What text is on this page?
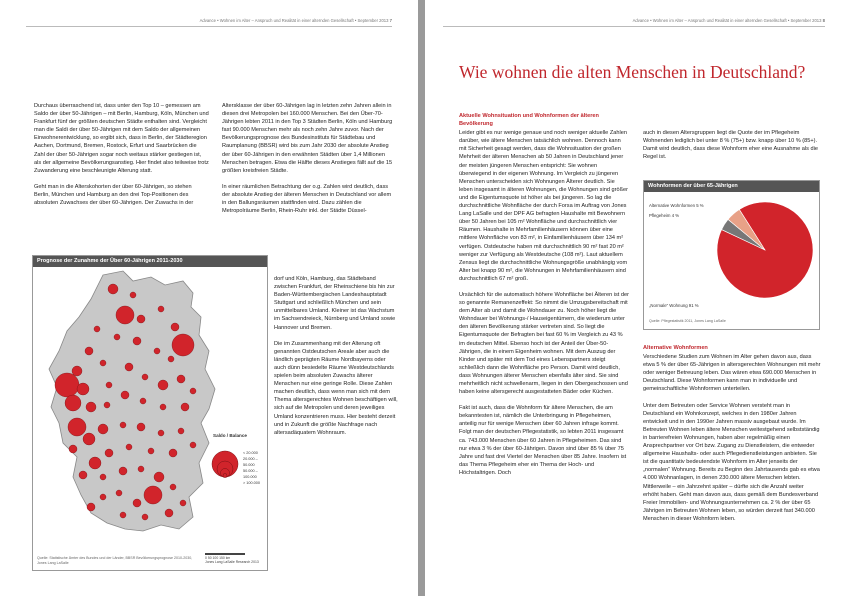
Advance • Wohnen im Alter – Anspruch und Realität in einer alternden Gesellschaft • September 2013 7

Durchaus überraschend ist, dass unter den Top 10 – gemessen am Saldo der über 50-Jährigen – mit Berlin, Hamburg, Köln, München und Frankfurt fünf der größten deutschen Städte enthalten sind. Vergleicht man die Saldi der über 50-Jährigen mit dem Saldo der allgemeinen Einwohnerentwicklung, so ergibt sich, dass in Berlin, der Städteregion Aachen, Dortmund, Bremen, Rostock, Erfurt und Saarbrücken die Zahl der über 50-Jährigen sogar noch weitaus stärker gestiegen ist, als der allgemeine Bevölkerungsanstieg. Hier findet also teilweise trotz Zuwanderung eine beschleunigte Alterung statt.

Geht man in die Alterskohorten der über 60-Jährigen, so stehen Berlin, München und Hamburg an den drei Top-Positionen des absoluten Zuwachses der über 60-Jährigen. Der Zuwachs in der

Altersklasse der über 60-Jährigen lag in letzten zehn Jahren allein in diesen drei Metropolen bei 160.000 Menschen. Bei den Über-70-Jährigen lebten 2011 in den Top 3 Städten Berlin, Köln und Hamburg fast 90.000 Menschen mehr als noch zehn Jahre zuvor. Nach der Bevölkerungsprognose des Bundesinstituts für Städtebau und Raumplanung (BBSR) wird bis zum Jahr 2030 der absolute Anstieg der über 60-Jährigen in den erwähnten Städten über 1,4 Millionen Menschen betragen. Etwa die Hälfte dieses Anstieges fällt auf die 15 größten kreisfreien Städte.

In einer räumlichen Betrachtung der o.g. Zahlen wird deutlich, dass der absolute Anstieg der älteren Menschen in Deutschland vor allem in den Ballungsräumen stattfinden wird. Dazu zählen die Metropolräume Berlin, Rhein-Ruhr inkl. der Städte Düssel-

dorf und Köln, Hamburg, das Städteband zwischen Frankfurt, der Rheinschiene bis hin zur Baden-Württembergischen Landeshauptstadt Stuttgart und schließlich München und sein unmittelbares Umland. Kleiner ist das Wachstum im Sachsendreieck, Nürnberg und Umland sowie Hannover und Bremen.

Die im Zusammenhang mit der Alterung oft genannten Ostdeutschen Areale aber auch die ländlich geprägten Räume Nordbayerns oder auch dünn besiedelte Räume Westdeutschlands spielen beim absoluten Zuwachs älterer Menschen nur eine geringe Rolle. Diese Zahlen machen deutlich, dass wenn man sich mit dem Thema altersgerechtes Wohnen beschäftigen will, sich auf die Metropolen und deren jeweiliges Umland konzentrieren muss. Hier besteht derzeit und in Zukunft die größte Nachfrage nach altersadäquatem Wohnraum.

Prognose der Zunahme der Über 60-Jährigen 2011-2030
Saldo / Balance
< 20.000
20.000 – 50.000
50.000 – 100.000
> 100.000
0 50 100 150 km
Jones Lang LaSalle Research 2013
Quelle: Statistische Ämter des Bundes und der Länder, BBSR Bevölkerungsprognose 2010-2030, Jones Lang LaSalle
Advance • Wohnen im Alter – Anspruch und Realität in einer alternden Gesellschaft • September 2013 8
Wie wohnen die alten Menschen in Deutschland?

Aktuelle Wohnsituation und Wohnformen der älteren Bevölkerung

Leider gibt es nur wenige genaue und noch weniger aktuelle Zahlen darüber, wie ältere Menschen tatsächlich wohnen. Dennoch kann mit Sicherheit gesagt werden, dass die Wohnsituation der großen Mehrheit der älteren Menschen ab 50 Jahren in Deutschland jener der meisten jüngeren Menschen entspricht: Sie wohnen überwiegend in der eigenen Wohnung. Im Vergleich zu jüngeren Menschen unterscheiden sich Wohnungen Älterer deutlich. Sie leben insgesamt in älteren Wohnungen, die Wohnungen sind größer und die Eigentumsquote ist höher als bei jüngeren. So lag die durchschnittliche Wohnfläche der durch Forsa im Auftrag von Jones Lang LaSalle und der DPF AG befragten Haushalte mit Bewohnern über 50 Jahren bei 105 m² Wohnfläche und durchschnittlich vier Räumen. Haushalte in Mehrfamilienhäusern können über eine mittlere Wohnfläche von 83 m², in Einfamilienhäusern über 134 m² verfügen. Ostdeutsche haben mit durchschnittlich 90 m² fast 20 m² weniger zur Verfügung als Westdeutsche (108 m²). Laut aktuellem Zensus liegt die durchschnittliche Wohnungsgröße unabhängig vom Alter bei knapp 90 m², die Wohnungen in Mehrfamilienhäusern sind durchschnittlich 67 m² groß.

Ursächlich für die automatisch höhere Wohnfläche bei Älteren ist der so genannte Remanenzeffekt: So nimmt die Umzugsbereitschaft mit dem Alter ab und damit die Wohndauer zu. Noch höher liegt die Wohndauer bei Wohnungs-/ Hauseigentümern, die wiederum unter den älteren Bevölkerung stärker vertreten sind. So liegt die Eigentumsquote der Befragten bei fast 60 % im Vergleich zu 43 % im deutschen Mittel. Ebenso hoch ist der Anteil der Über-50-Jährigen, die in einem Eigenheim wohnen. Mit dem Auszug der Kinder und später mit dem Tod eines Lebenspartners steigt schließlich dann die Wohnfläche pro Person. Damit wird deutlich, dass Wohnungen älterer Menschen ebenfalls älter sind. Sie sind mehrheitlich nicht schwellenarm, liegen in den Obergeschossen und haben keine altersgerecht ausgestatteten Bäder oder Küchen.

Fakt ist auch, dass die Wohnform für ältere Menschen, die am bekanntesten ist, nämlich die Unterbringung in Pflegeheimen, anteilig nur für wenige Menschen über 60 Jahren infrage kommt. Folgt man der deutschen Pflegestatistik, so lebten 2011 insgesamt ca. 743.000 Menschen über 60 Jahren in Pflegeheimen. Das sind nur etwa 3 % der über 60-Jährigen. Davon sind über 85 % über 75 Jahre und fast drei Viertel der Menschen über 85 Jahre. Insofern ist das Thema Pflegeheim eher ein Thema der Hoch- und Höchstaltrigen. Doch

auch in diesen Altersgruppen liegt die Quote der im Pflegeheim Wohnenden lediglich bei unter 8 % (75+) bzw. knapp über 10 % (85+). Damit wird deutlich, dass diese Wohnform eher eine Ausnahme als die Regel ist.

Wohnformen der über 65-Jährigen
Alternative Wohnformen 5 %
Pflegeheim 4 %
„Normale“ Wohnung 91 %
Quelle: Pflegestatistik 2011, Jones Lang LaSalle

Alternative Wohnformen

Verschiedene Studien zum Wohnen im Alter gehen davon aus, dass etwa 5 % der über 65-Jährigen in altersgerechten Wohnungen mit mehr oder weniger Betreuung leben. Das wären etwa 690.000 Menschen in Deutschland. Diese Wohnformen kann man in individuelle und gemeinschaftliche Wohnformen unterteilen.

Unter dem Betreuten oder Service Wohnen versteht man in Deutschland ein Wohnkonzept, welches in den 1980er Jahren entwickelt und in den 1990er Jahren massiv ausgebaut wurde. Im Betreuten Wohnen leben ältere Menschen weitestgehend selbstständig in barrierefreien Wohnungen, haben aber regelmäßig einen Ansprechpartner vor Ort bzw. Zugang zu Dienstleistern, die entweder allgemeine Haushalts- oder auch Pflegedienstleistungen anbieten. Sie ist die quantitativ bedeutendste Wohnform im Alter jenseits der „normalen“ Wohnung. Bereits zu Beginn des Jahrtausends gab es etwa 4.000 Wohnanlagen, in denen 230.000 ältere Menschen lebten. Mittlerweile – ein Jahrzehnt später – dürfte sich die Anzahl weiter erhöht haben. Geht man davon aus, dass gemäß dem Bundesverband Freier Immobilien- und Wohnungsunternehmen ca. 2 % der über 65 Jährigen im Betreuten Wohnen leben, so würden derzeit fast 340.000 Menschen in dieser Wohnform leben.
